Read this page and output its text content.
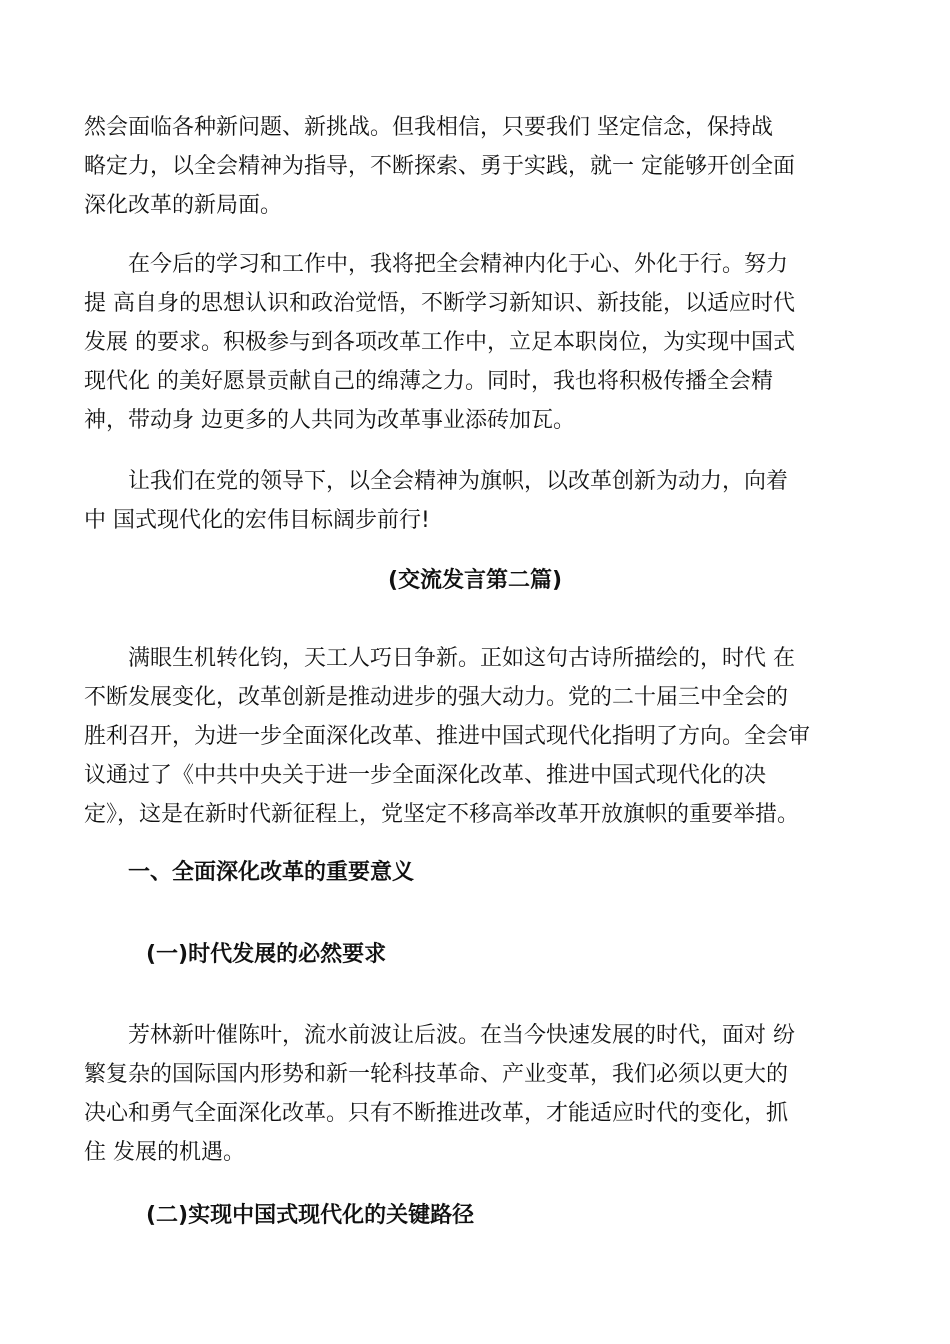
然会面临各种新问题、新挑战。但我相信，只要我们 坚定信念，保持战
略定力，以全会精神为指导，不断探索、勇于实践，就一 定能够开创全面
深化改革的新局面。
在今后的学习和工作中，我将把全会精神内化于心、外化于行。努力
提 高自身的思想认识和政治觉悟，不断学习新知识、新技能，以适应时代
发展 的要求。积极参与到各项改革工作中，立足本职岗位，为实现中国式
现代化 的美好愿景贡献自己的绵薄之力。同时，我也将积极传播全会精
神，带动身 边更多的人共同为改革事业添砖加瓦。
让我们在党的领导下，以全会精神为旗帜，以改革创新为动力，向着
中 国式现代化的宏伟目标阔步前行!
(交流发言第二篇)
满眼生机转化钧，天工人巧日争新。正如这句古诗所描绘的，时代 在
不断发展变化，改革创新是推动进步的强大动力。党的二十届三中全会的
胜利召开，为进一步全面深化改革、推进中国式现代化指明了方向。全会审
议通过了《中共中央关于进一步全面深化改革、推进中国式现代化的决
定》，这是在新时代新征程上，党坚定不移高举改革开放旗帜的重要举措。
一、全面深化改革的重要意义
(一)时代发展的必然要求
芳林新叶催陈叶，流水前波让后波。在当今快速发展的时代，面对 纷
繁复杂的国际国内形势和新一轮科技革命、产业变革，我们必须以更大的
决心和勇气全面深化改革。只有不断推进改革，才能适应时代的变化，抓
住 发展的机遇。
(二)实现中国式现代化的关键路径
